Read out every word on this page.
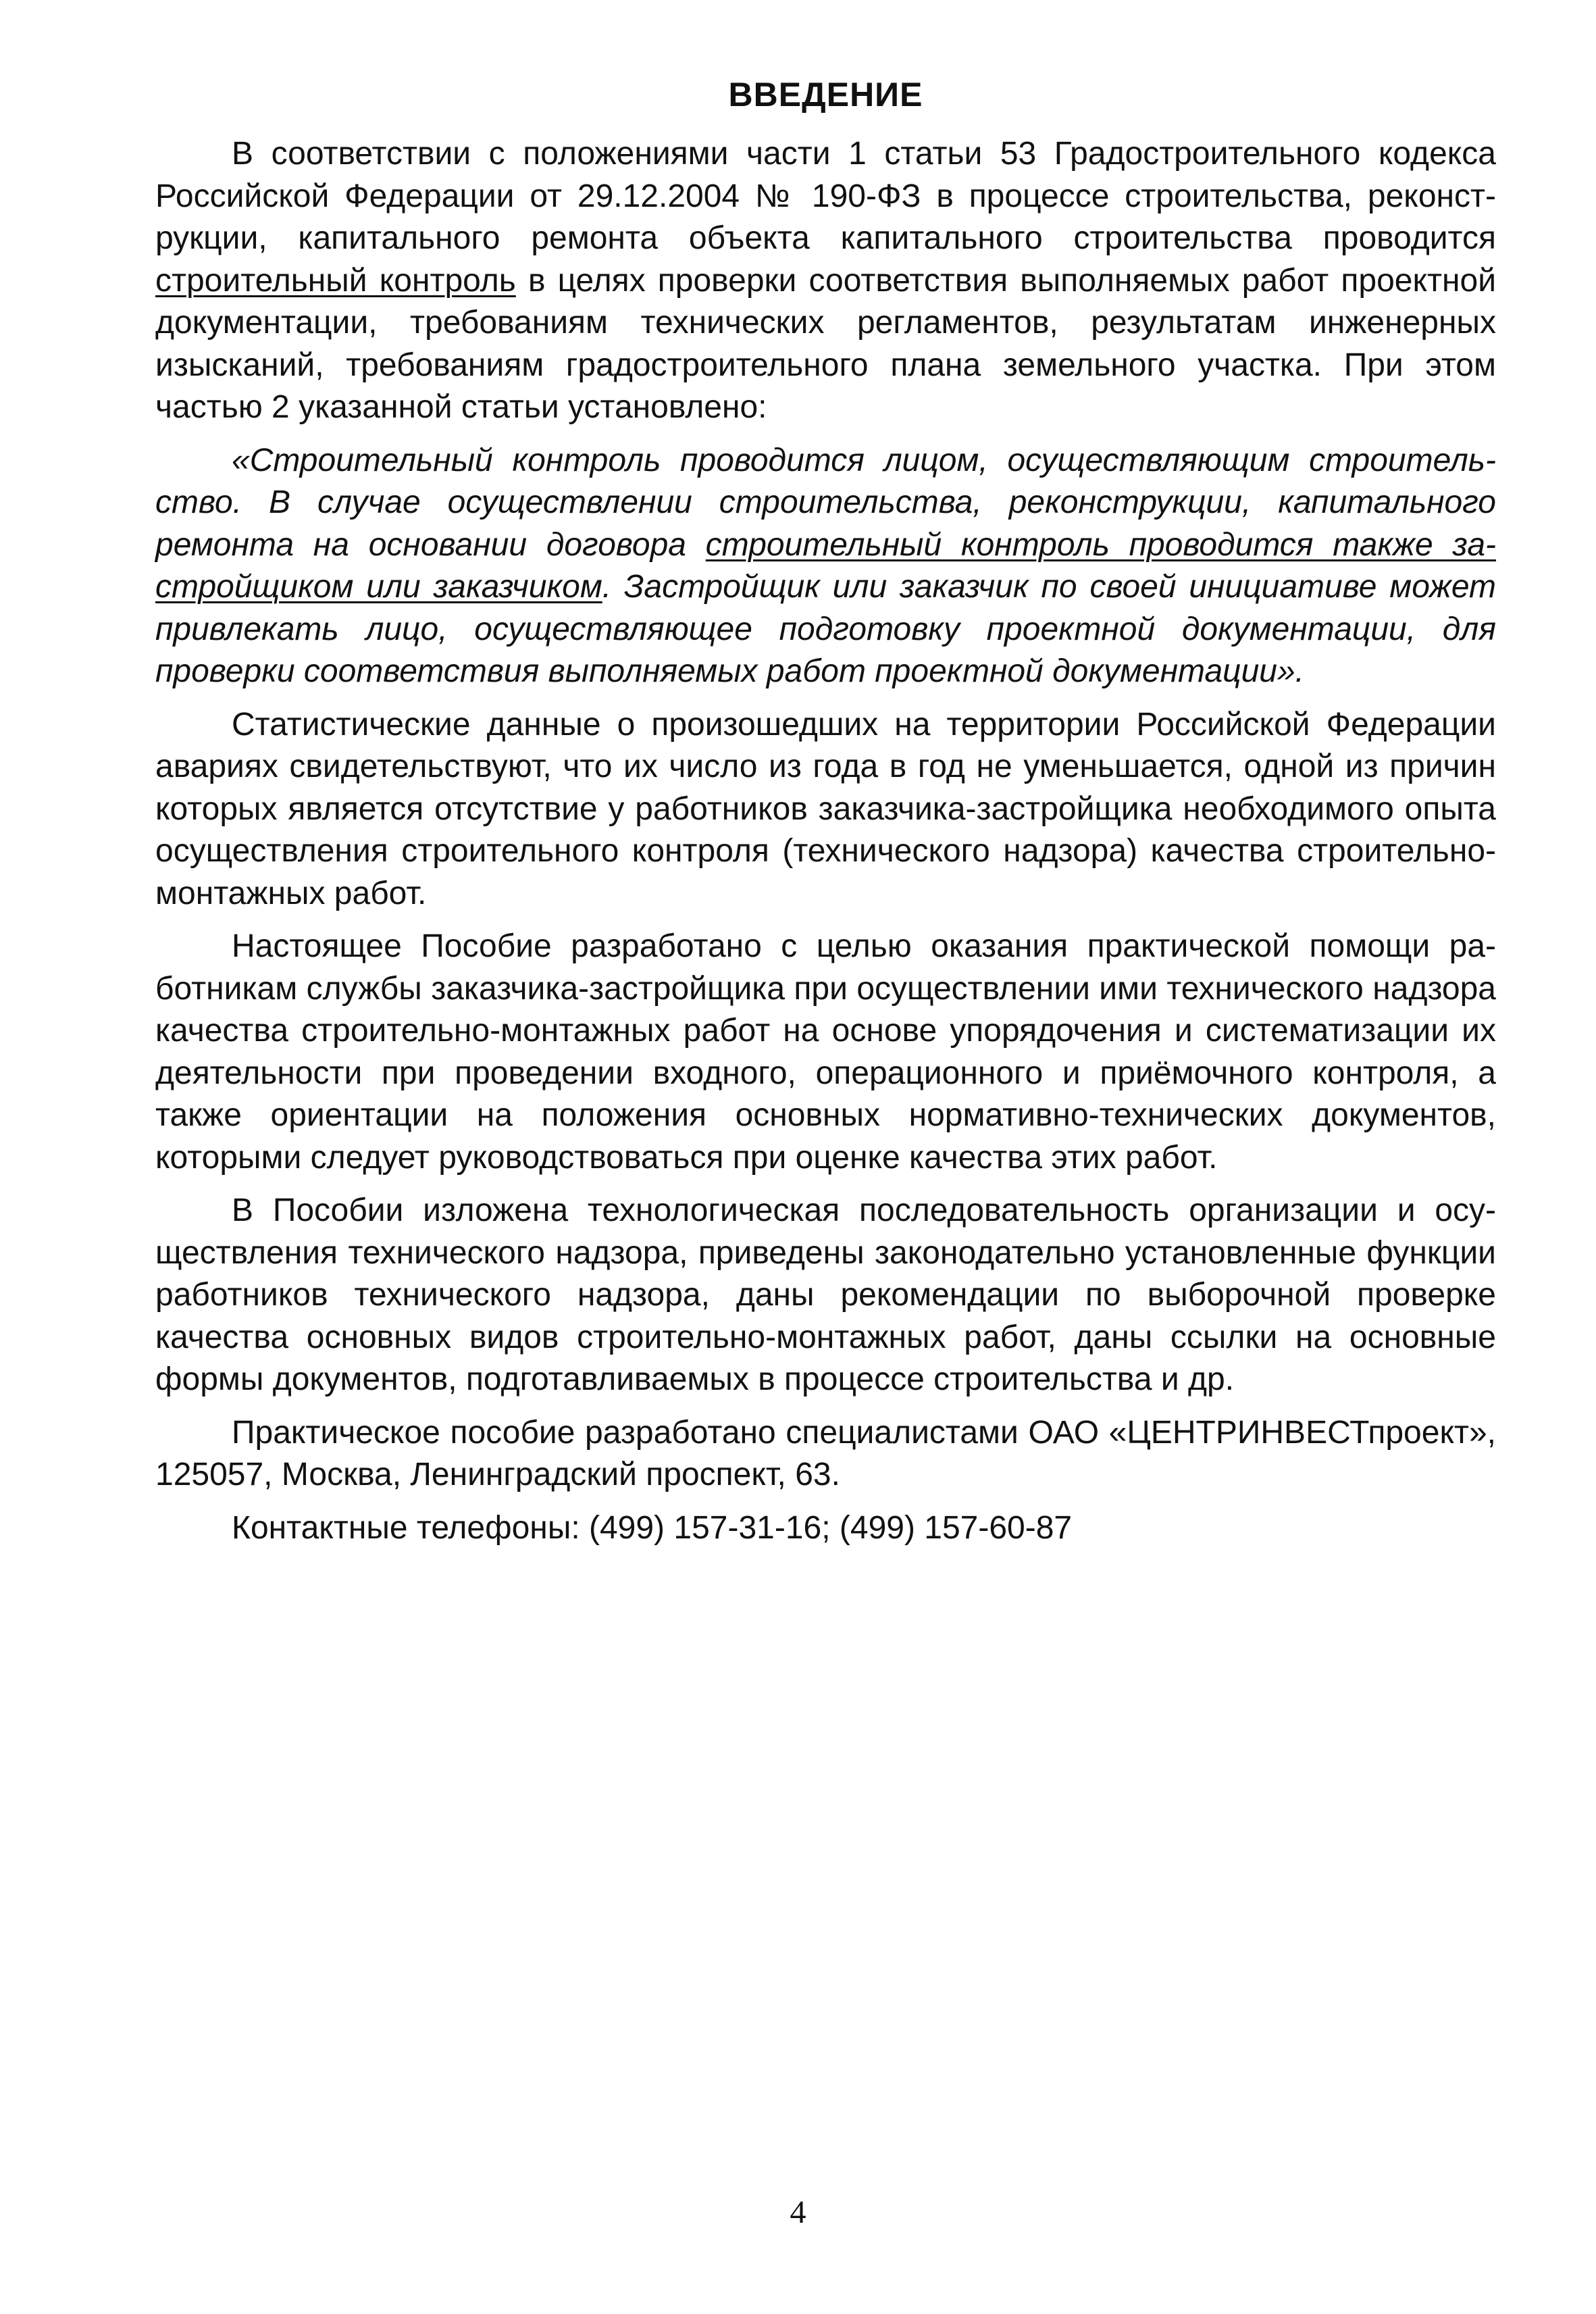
ВВЕДЕНИЕ

В соответствии с положениями части 1 статьи 53 Градостроительного кодекса Российской Федерации от 29.12.2004 № 190-ФЗ в процессе строительства, реконструкции, капитального ремонта объекта капитального строительства проводится строительный контроль в целях проверки соответствия выполняемых работ проектной документации, требованиям технических регламентов, результатам инженерных изысканий, требованиям градостроительного плана земельного участка. При этом частью 2 указанной статьи установлено:

«Строительный контроль проводится лицом, осуществляющим строительство. В случае осуществлении строительства, реконструкции, капитального ремонта на основании договора строительный контроль проводится также застройщиком или заказчиком. Застройщик или заказчик по своей инициативе может привлекать лицо, осуществляющее подготовку проектной документации, для проверки соответствия выполняемых работ проектной документации».

Статистические данные о произошедших на территории Российской Федерации авариях свидетельствуют, что их число из года в год не уменьшается, одной из причин которых является отсутствие у работников заказчика-застройщика необходимого опыта осуществления строительного контроля (технического надзора) качества строительно-монтажных работ.

Настоящее Пособие разработано с целью оказания практической помощи работникам службы заказчика-застройщика при осуществлении ими технического надзора качества строительно-монтажных работ на основе упорядочения и систематизации их деятельности при проведении входного, операционного и приёмочного контроля, а также ориентации на положения основных нормативно-технических документов, которыми следует руководствоваться при оценке качества этих работ.

В Пособии изложена технологическая последовательность организации и осуществления технического надзора, приведены законодательно установленные функции работников технического надзора, даны рекомендации по выборочной проверке качества основных видов строительно-монтажных работ, даны ссылки на основные формы документов, подготавливаемых в процессе строительства и др.

Практическое пособие разработано специалистами ОАО «ЦЕНТРИНВЕСТпроект», 125057, Москва, Ленинградский проспект, 63.

Контактные телефоны: (499) 157-31-16; (499) 157-60-87

4
